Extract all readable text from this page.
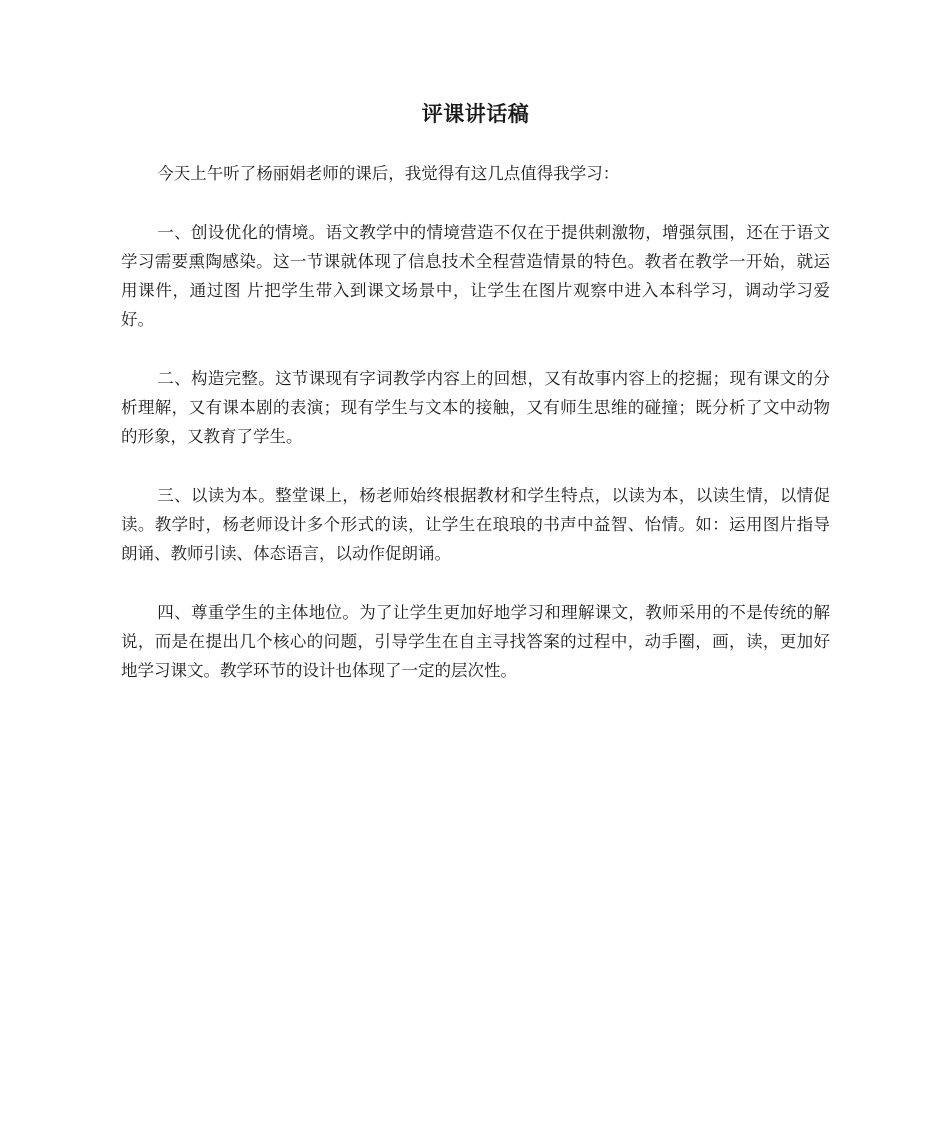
评课讲话稿

今天上午听了杨丽娟老师的课后，我觉得有这几点值得我学习：

一、创设优化的情境。语文教学中的情境营造不仅在于提供刺激物，增强氛围，还在于语文学习需要熏陶感染。这一节课就体现了信息技术全程营造情景的特色。教者在教学一开始，就运用课件，通过图 片把学生带入到课文场景中，让学生在图片观察中进入本科学习，调动学习爱好。

二、构造完整。这节课现有字词教学内容上的回想，又有故事内容上的挖掘；现有课文的分析理解，又有课本剧的表演；现有学生与文本的接触，又有师生思维的碰撞；既分析了文中动物的形象，又教育了学生。

三、以读为本。整堂课上，杨老师始终根据教材和学生特点，以读为本，以读生情，以情促读。教学时，杨老师设计多个形式的读，让学生在琅琅的书声中益智、怡情。如：运用图片指导朗诵、教师引读、体态语言，以动作促朗诵。

四、尊重学生的主体地位。为了让学生更加好地学习和理解课文，教师采用的不是传统的解说，而是在提出几个核心的问题，引导学生在自主寻找答案的过程中，动手圈，画，读，更加好地学习课文。教学环节的设计也体现了一定的层次性。
